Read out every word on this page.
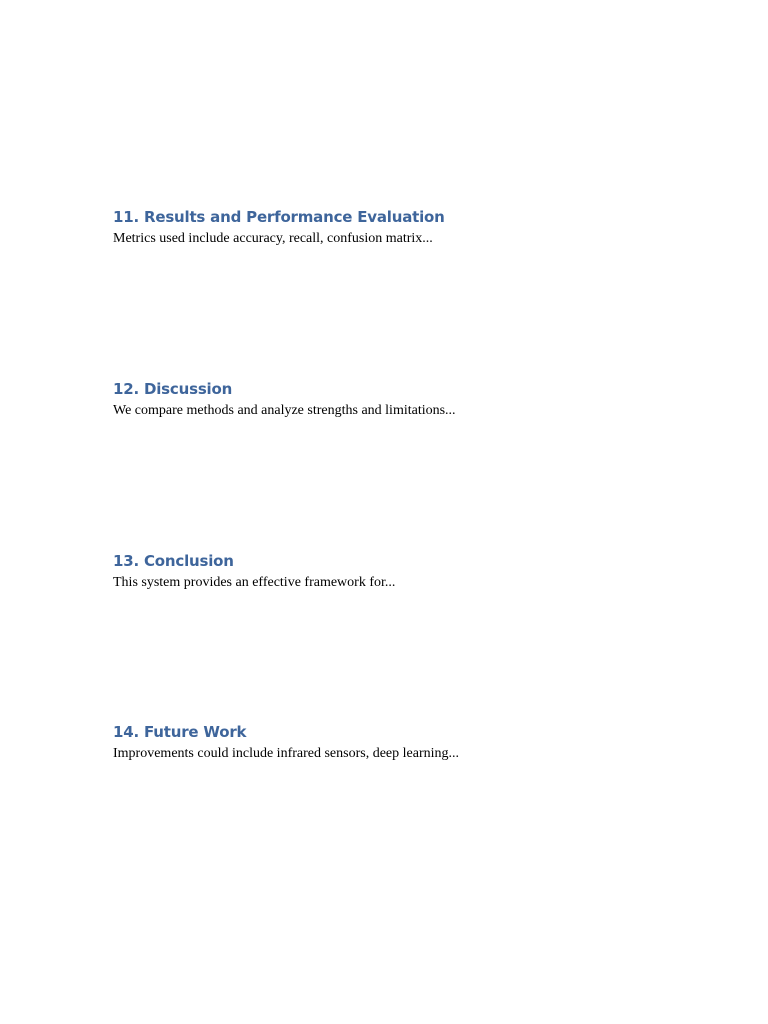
11. Results and Performance Evaluation

Metrics used include accuracy, recall, confusion matrix...

12. Discussion

We compare methods and analyze strengths and limitations...

13. Conclusion

This system provides an effective framework for...

14. Future Work

Improvements could include infrared sensors, deep learning...
